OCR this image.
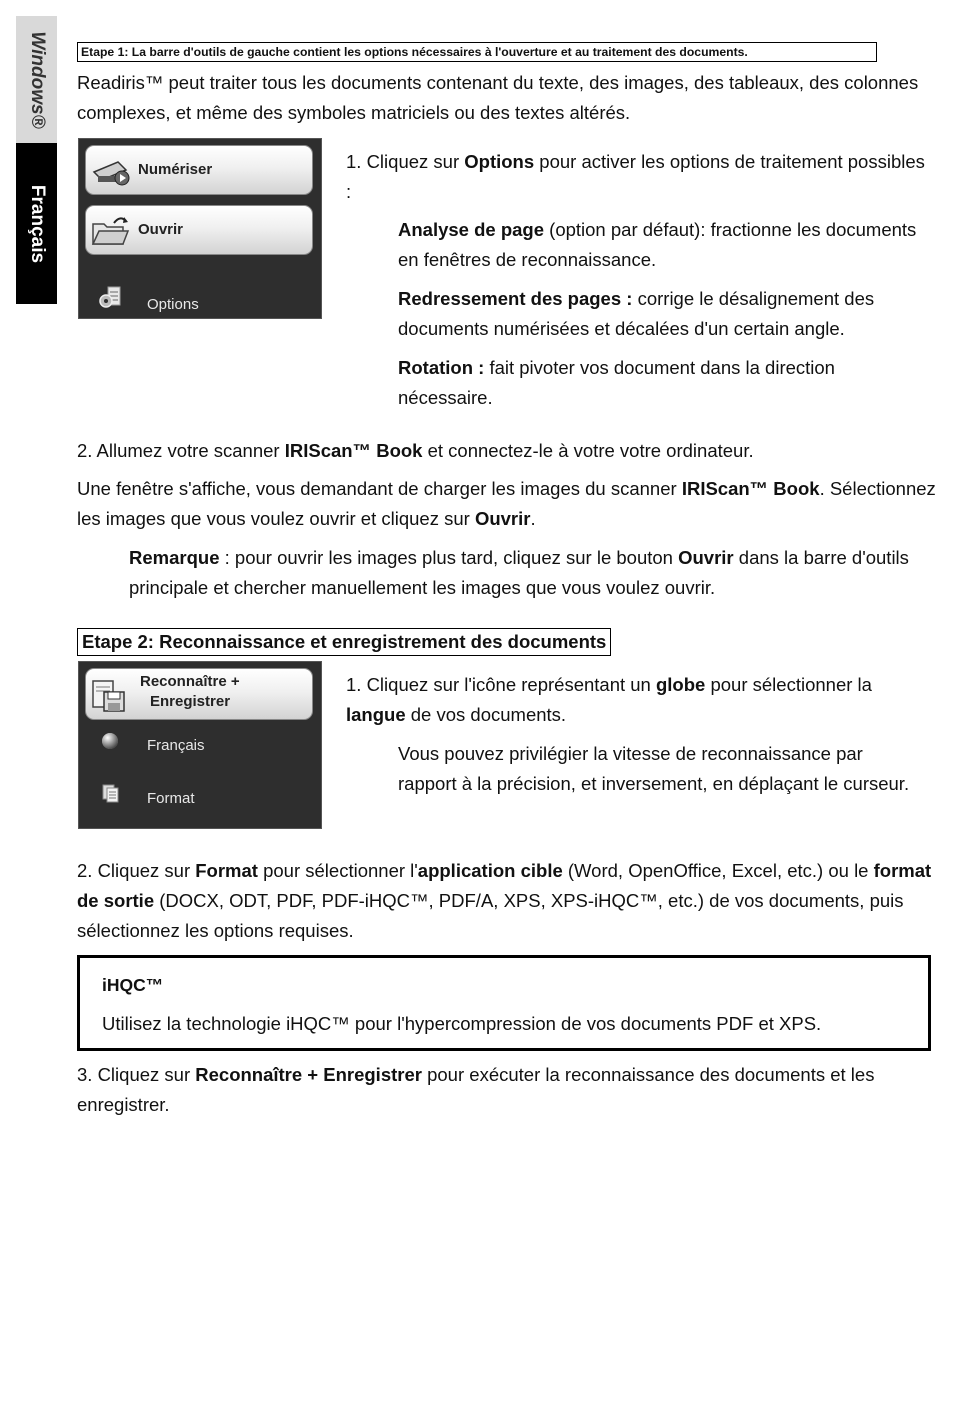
Windows®
Français
Etape 1: La barre d'outils de gauche contient les options nécessaires à l'ouverture et au traitement des documents.

Readiris™ peut traiter tous les documents contenant du texte, des images, des tableaux, des colonnes complexes, et même des symboles matriciels ou des textes altérés.

Numériser
Ouvrir
Options

1. Cliquez sur Options pour activer les options de traitement possibles :

Analyse de page (option par défaut): fractionne les documents en fenêtres de reconnaissance.

Redressement des pages : corrige le désalignement des documents numérisées et décalées d'un certain angle.

Rotation : fait pivoter vos document dans la direction nécessaire.

2. Allumez votre scanner IRIScan™ Book et connectez-le à votre votre ordinateur.

Une fenêtre s'affiche, vous demandant de charger les images du scanner IRIScan™ Book. Sélectionnez les images que vous voulez ouvrir et cliquez sur Ouvrir.

Remarque : pour ouvrir les images plus tard, cliquez sur le bouton Ouvrir dans la barre d'outils principale et chercher manuellement les images que vous voulez ouvrir.

Etape 2: Reconnaissance et enregistrement des documents
Reconnaître +
Enregistrer
Français
Format

1. Cliquez sur l'icône représentant un globe pour sélectionner la langue de vos documents.

Vous pouvez privilégier la vitesse de reconnaissance par rapport à la précision, et inversement, en déplaçant le curseur.

2. Cliquez sur Format pour sélectionner l'application cible (Word, OpenOffice, Excel, etc.) ou le format de sortie (DOCX, ODT, PDF, PDF-iHQC™, PDF/A, XPS, XPS-iHQC™, etc.) de vos documents, puis sélectionnez les options requises.

iHQC™

Utilisez la technologie iHQC™ pour l'hypercompression de vos documents PDF et XPS.

3. Cliquez sur Reconnaître + Enregistrer pour exécuter la reconnaissance des documents et les enregistrer.
